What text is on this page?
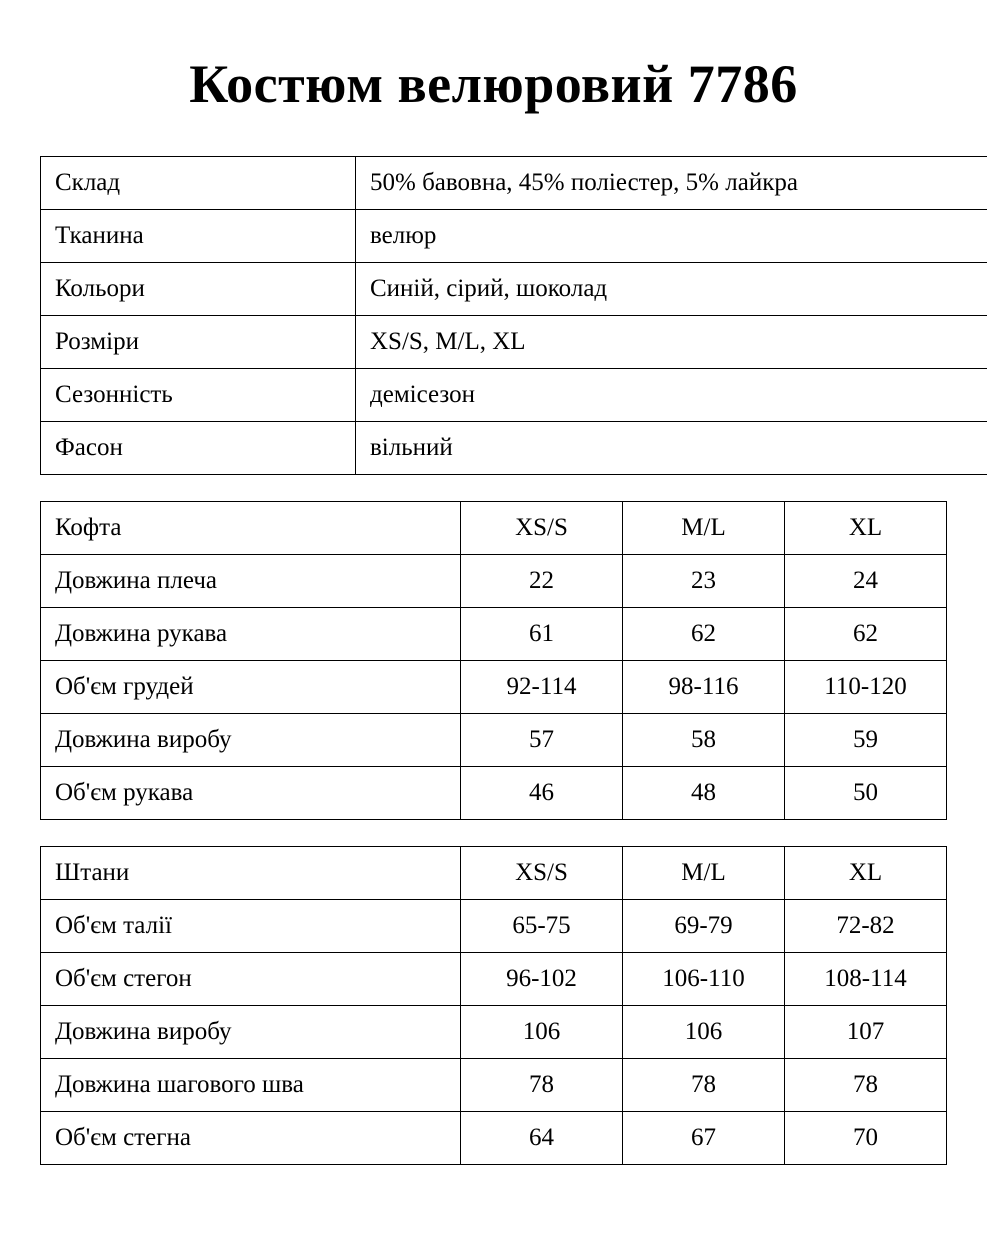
Костюм велюровий 7786
Склад	50% бавовна, 45% поліестер, 5% лайкра
Тканина	велюр
Кольори	Синій, сірий, шоколад
Розміри	XS/S, M/L, XL
Сезонність	демісезон
Фасон	вільний
Кофта	XS/S	M/L	XL
Довжина плеча	22	23	24
Довжина рукава	61	62	62
Об'єм грудей	92-114	98-116	110-120
Довжина виробу	57	58	59
Об'єм рукава	46	48	50
Штани	XS/S	M/L	XL
Об'єм талії	65-75	69-79	72-82
Об'єм стегон	96-102	106-110	108-114
Довжина виробу	106	106	107
Довжина шагового шва	78	78	78
Об'єм стегна	64	67	70
